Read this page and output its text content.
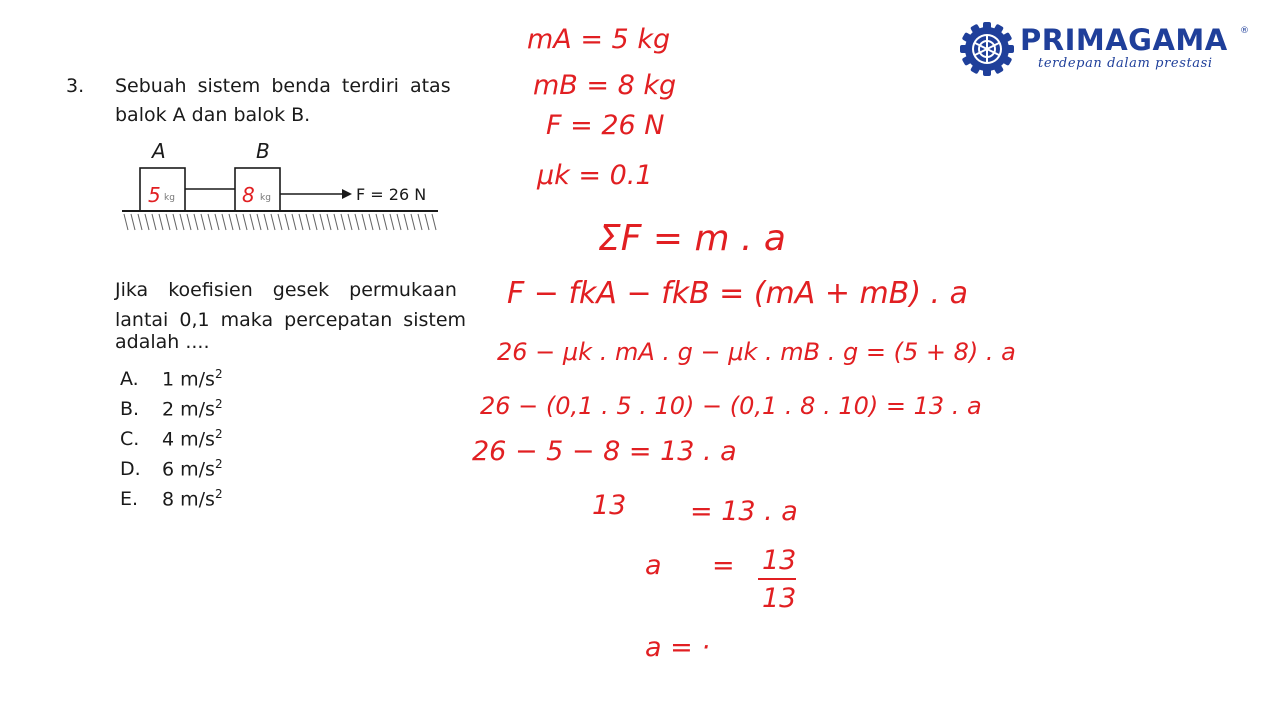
PRIMAGAMA ®
terdepan dalam prestasi
3. Sebuah sistem benda terdiri atas
balok A dan balok B.
A	B
5 kg	8 kg	F = 26 N
Jika koefisien gesek permukaan
lantai 0,1 maka percepatan sistem
adalah ....
A. 1 $m/s^2$
B. 2 $m/s^2$
C. 4 $m/s^2$
D. 6 $m/s^2$
E. 8 $m/s^2$
mA = 5 kg
mB = 8 kg
F = 26 N
μk = 0.1
ΣF = m . a
F − fkA − fkB = (mA + mB) . a
26 − μk . mA . g − μk . mB . g = (5 + 8) . a
26 − (0,1 . 5 . 10) − (0,1 . 8 . 10) = 13 . a
26 − 5 − 8 = 13 . a
13 = 13 . a
a = 13
13
a = ·
